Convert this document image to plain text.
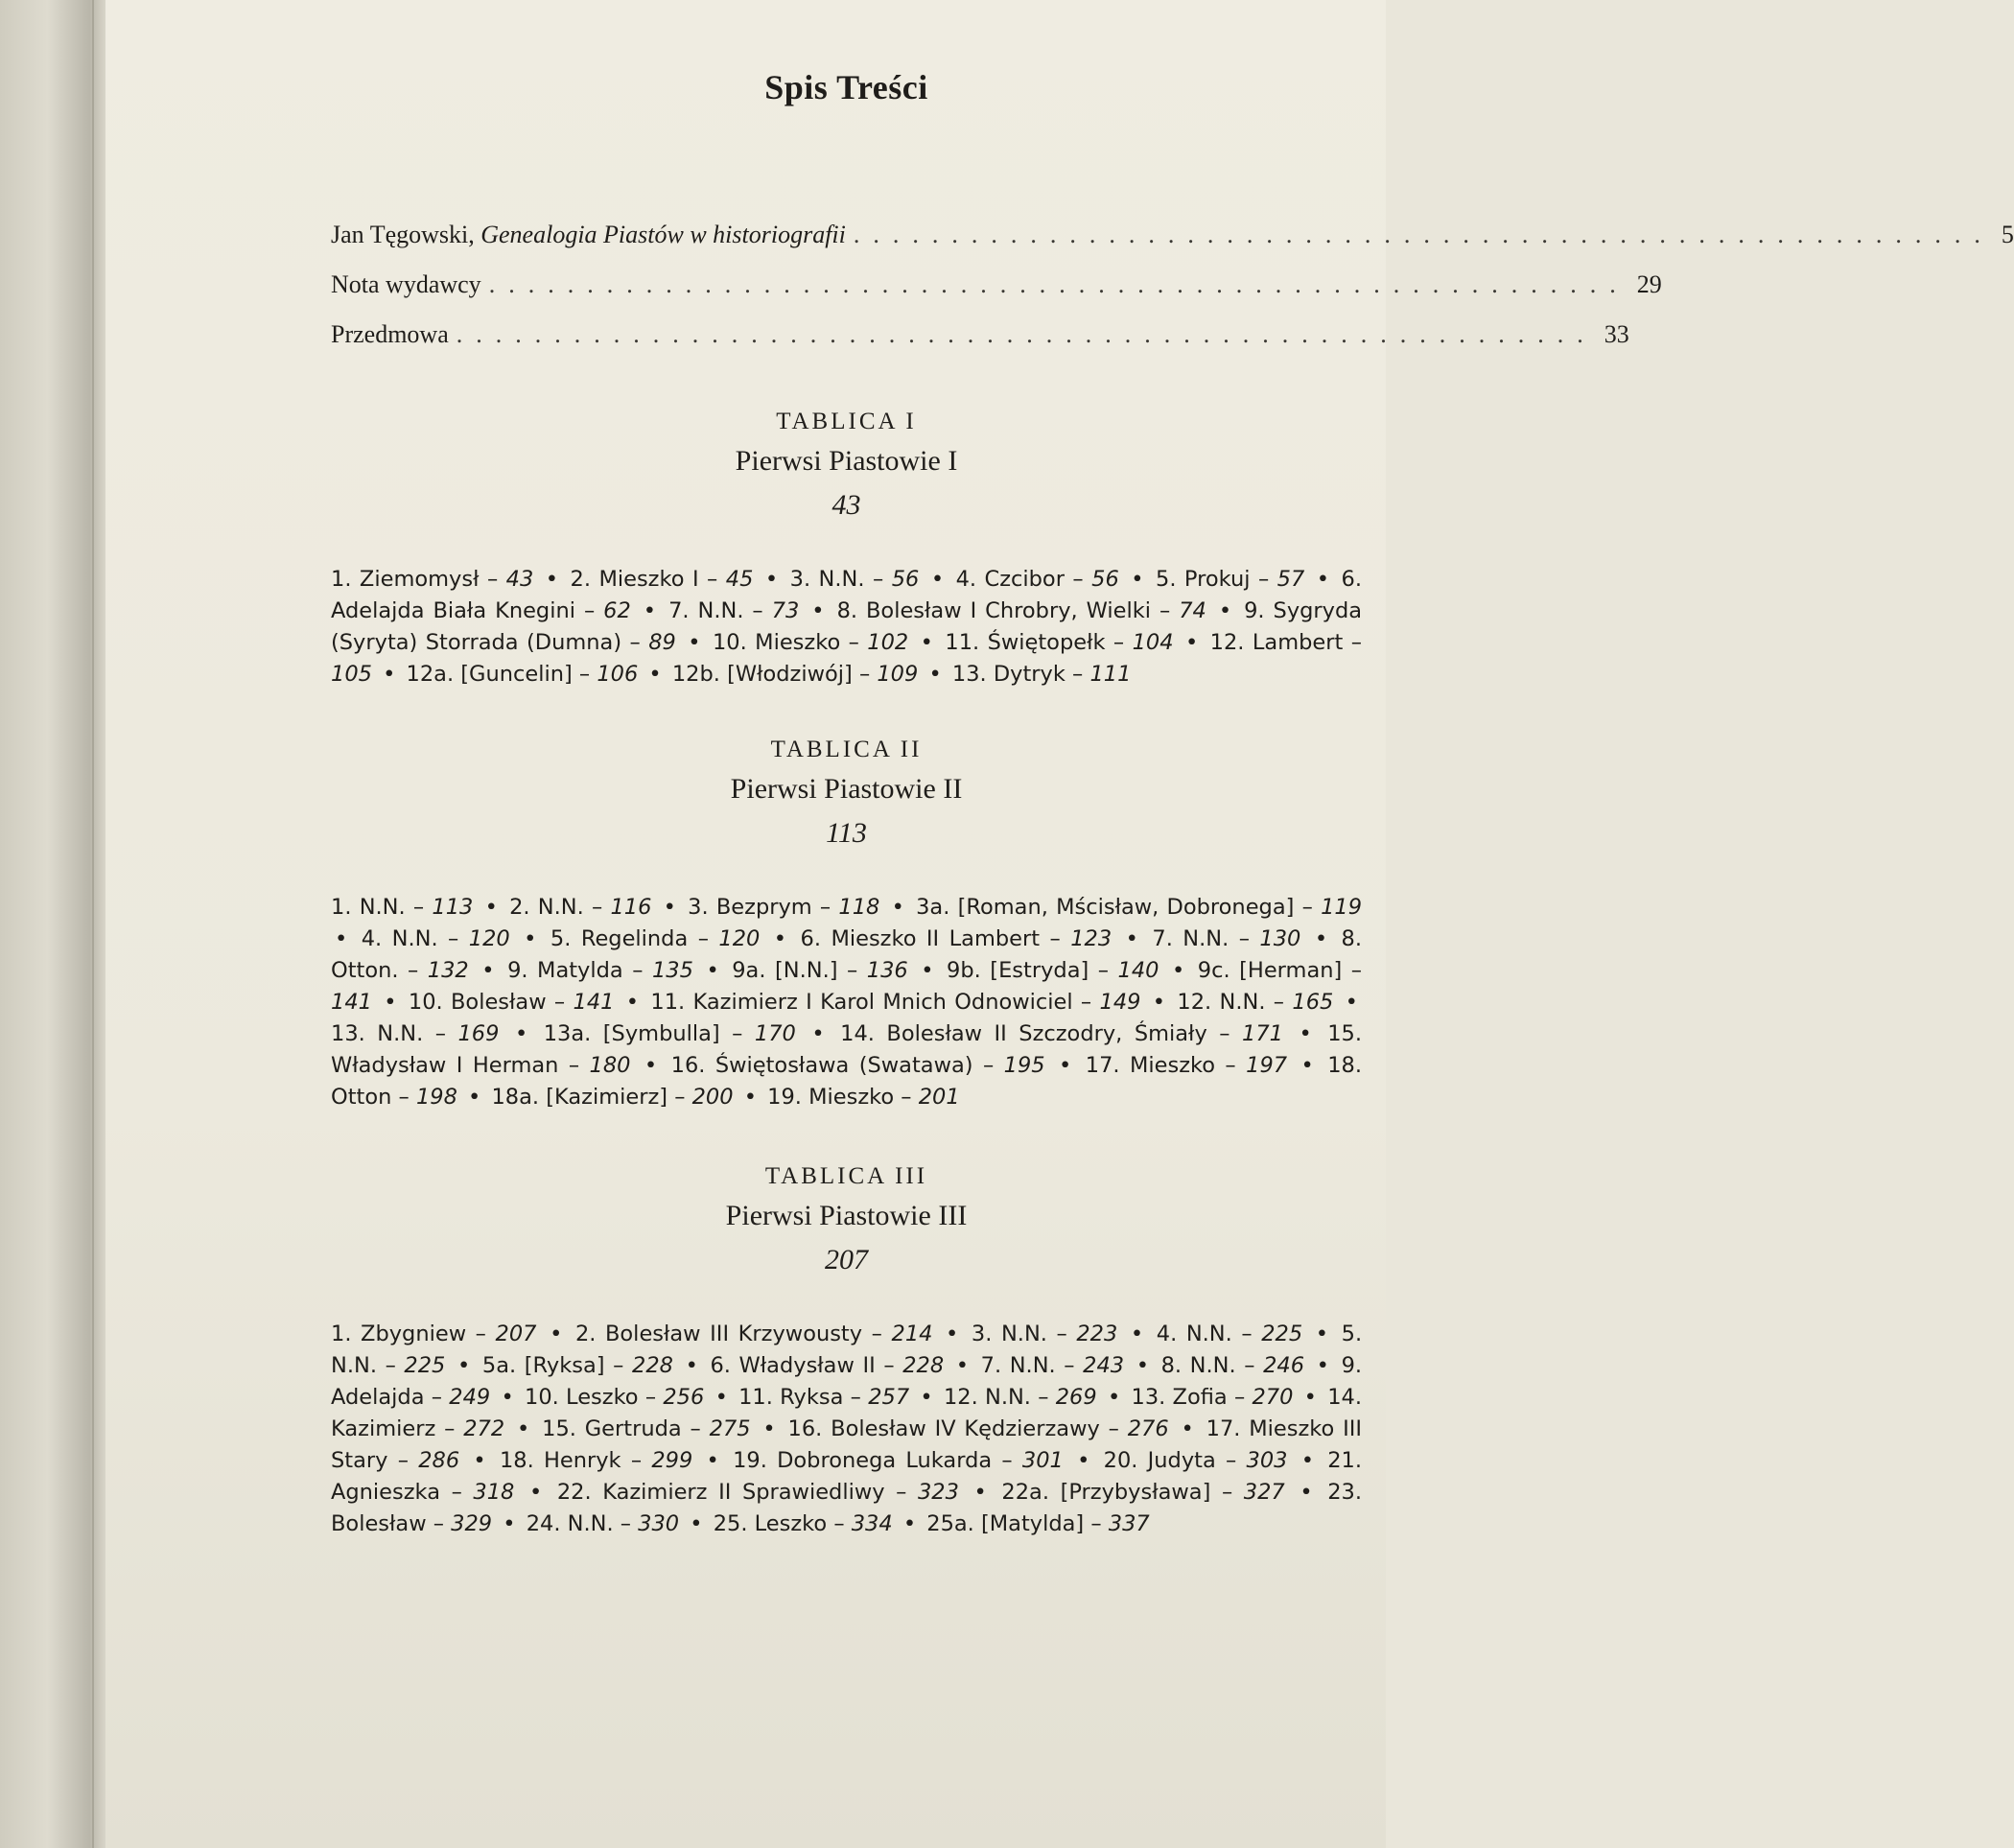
Spis Treści
Jan Tęgowski, Genealogia Piastów w historiografii .......................................................... 5
Nota wydawcy .......................................................... 29
Przedmowa .......................................................... 33

TABLICA I

Pierwsi Piastowie I

43

1. Ziemomysł – 43 • 2. Mieszko I – 45 • 3. N.N. – 56 • 4. Czcibor – 56 • 5. Prokuj – 57 • 6. Adelajda Biała Knegini – 62 • 7. N.N. – 73 • 8. Bolesław I Chrobry, Wielki – 74 • 9. Sygryda (Syryta) Storrada (Dumna) – 89 • 10. Mieszko – 102 • 11. Świętopełk – 104 • 12. Lambert – 105 • 12a. [Guncelin] – 106 • 12b. [Włodziwój] – 109 • 13. Dytryk – 111

TABLICA II

Pierwsi Piastowie II

113

1. N.N. – 113 • 2. N.N. – 116 • 3. Bezprym – 118 • 3a. [Roman, Mścisław, Dobronega] – 119 • 4. N.N. – 120 • 5. Regelinda – 120 • 6. Mieszko II Lambert – 123 • 7. N.N. – 130 • 8. Otton. – 132 • 9. Matylda – 135 • 9a. [N.N.] – 136 • 9b. [Estryda] – 140 • 9c. [Herman] – 141 • 10. Bolesław – 141 • 11. Kazimierz I Karol Mnich Odnowiciel – 149 • 12. N.N. – 165 • 13. N.N. – 169 • 13a. [Symbulla] – 170 • 14. Bolesław II Szczodry, Śmiały – 171 • 15. Władysław I Herman – 180 • 16. Świętosława (Swatawa) – 195 • 17. Mieszko – 197 • 18. Otton – 198 • 18a. [Kazimierz] – 200 • 19. Mieszko – 201

TABLICA III

Pierwsi Piastowie III

207

1. Zbygniew – 207 • 2. Bolesław III Krzywousty – 214 • 3. N.N. – 223 • 4. N.N. – 225 • 5. N.N. – 225 • 5a. [Ryksa] – 228 • 6. Władysław II – 228 • 7. N.N. – 243 • 8. N.N. – 246 • 9. Adelajda – 249 • 10. Leszko – 256 • 11. Ryksa – 257 • 12. N.N. – 269 • 13. Zofia – 270 • 14. Kazimierz – 272 • 15. Gertruda – 275 • 16. Bolesław IV Kędzierzawy – 276 • 17. Mieszko III Stary – 286 • 18. Henryk – 299 • 19. Dobronega Lukarda – 301 • 20. Judyta – 303 • 21. Agnieszka – 318 • 22. Kazimierz II Sprawiedliwy – 323 • 22a. [Przybysława] – 327 • 23. Bolesław – 329 • 24. N.N. – 330 • 25. Leszko – 334 • 25a. [Matylda] – 337
